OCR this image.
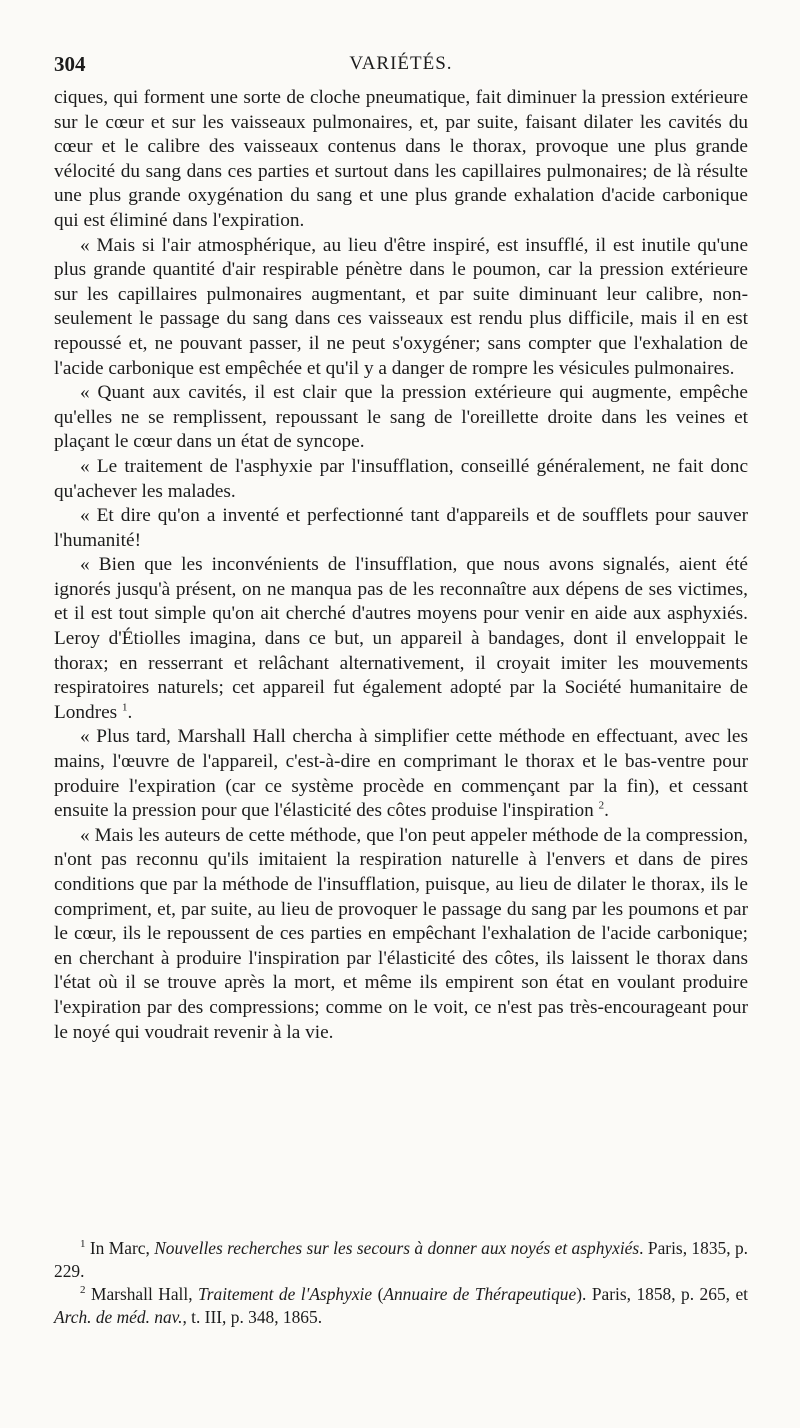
304	VARIÉTÉS.

ciques, qui forment une sorte de cloche pneumatique, fait diminuer la pression extérieure sur le cœur et sur les vaisseaux pulmonaires, et, par suite, faisant dilater les cavités du cœur et le calibre des vaisseaux contenus dans le thorax, provoque une plus grande vélocité du sang dans ces parties et surtout dans les capillaires pulmonaires; de là résulte une plus grande oxygénation du sang et une plus grande exhalation d'acide carbonique qui est éliminé dans l'expiration.

« Mais si l'air atmosphérique, au lieu d'être inspiré, est insufflé, il est inutile qu'une plus grande quantité d'air respirable pénètre dans le poumon, car la pression extérieure sur les capillaires pulmonaires augmentant, et par suite diminuant leur calibre, non-seulement le passage du sang dans ces vaisseaux est rendu plus difficile, mais il en est repoussé et, ne pouvant passer, il ne peut s'oxygéner; sans compter que l'exhalation de l'acide carbonique est empêchée et qu'il y a danger de rompre les vésicules pulmonaires.

« Quant aux cavités, il est clair que la pression extérieure qui augmente, empêche qu'elles ne se remplissent, repoussant le sang de l'oreillette droite dans les veines et plaçant le cœur dans un état de syncope.

« Le traitement de l'asphyxie par l'insufflation, conseillé généralement, ne fait donc qu'achever les malades.

« Et dire qu'on a inventé et perfectionné tant d'appareils et de soufflets pour sauver l'humanité!

« Bien que les inconvénients de l'insufflation, que nous avons signalés, aient été ignorés jusqu'à présent, on ne manqua pas de les reconnaître aux dépens de ses victimes, et il est tout simple qu'on ait cherché d'autres moyens pour venir en aide aux asphyxiés. Leroy d'Étiolles imagina, dans ce but, un appareil à bandages, dont il enveloppait le thorax; en resserrant et relâchant alternativement, il croyait imiter les mouvements respiratoires naturels; cet appareil fut également adopté par la Société humanitaire de Londres $^1$.

« Plus tard, Marshall Hall chercha à simplifier cette méthode en effectuant, avec les mains, l'œuvre de l'appareil, c'est-à-dire en comprimant le thorax et le bas-ventre pour produire l'expiration (car ce système procède en commençant par la fin), et cessant ensuite la pression pour que l'élasticité des côtes produise l'inspiration $^2$.

« Mais les auteurs de cette méthode, que l'on peut appeler méthode de la compression, n'ont pas reconnu qu'ils imitaient la respiration naturelle à l'envers et dans de pires conditions que par la méthode de l'insufflation, puisque, au lieu de dilater le thorax, ils le compriment, et, par suite, au lieu de provoquer le passage du sang par les poumons et par le cœur, ils le repoussent de ces parties en empêchant l'exhalation de l'acide carbonique; en cherchant à produire l'inspiration par l'élasticité des côtes, ils laissent le thorax dans l'état où il se trouve après la mort, et même ils empirent son état en voulant produire l'expiration par des compressions; comme on le voit, ce n'est pas très-encourageant pour le noyé qui voudrait revenir à la vie.

$^1$ In Marc, Nouvelles recherches sur les secours à donner aux noyés et asphyxiés. Paris, 1835, p. 229.

$^2$ Marshall Hall, Traitement de l'Asphyxie (Annuaire de Thérapeutique). Paris, 1858, p. 265, et Arch. de méd. nav., t. III, p. 348, 1865.
